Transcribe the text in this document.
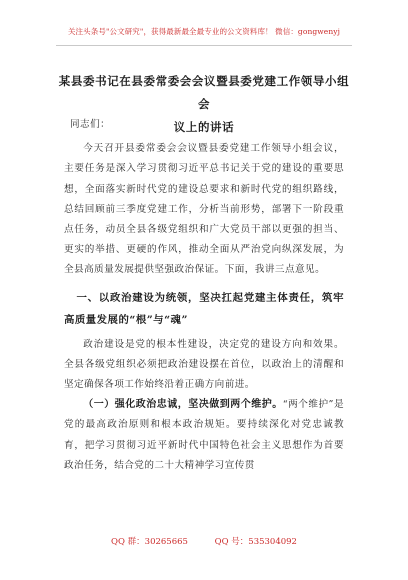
关注头条号"公文研究"，获得最新最全最专业的公文资料库！ 微信：gongwenyj
某县委书记在县委常委会会议暨县委党建工作领导小组会
议上的讲话

同志们：

今天召开县委常委会会议暨县委党建工作领导小组会议，主要任务是深入学习贯彻习近平总书记关于党的建设的重要思想，全面落实新时代党的建设总要求和新时代党的组织路线，总结回顾前三季度党建工作，分析当前形势，部署下一阶段重点任务，动员全县各级党组织和广大党员干部以更强的担当、更实的举措、更硬的作风，推动全面从严治党向纵深发展，为全县高质量发展提供坚强政治保证。下面，我讲三点意见。

一、以政治建设为统领，坚决扛起党建主体责任，筑牢高质量发展的“根”与“魂”

政治建设是党的根本性建设，决定党的建设方向和效果。全县各级党组织必须把政治建设摆在首位，以政治上的清醒和坚定确保各项工作始终沿着正确方向前进。

（一）强化政治忠诚，坚决做到两个维护。“两个维护”是党的最高政治原则和根本政治规矩。要持续深化对党忠诚教育，把学习贯彻习近平新时代中国特色社会主义思想作为首要政治任务，结合党的二十大精神学习宣传贯

QQ 群：30265665	QQ 号：535304092
